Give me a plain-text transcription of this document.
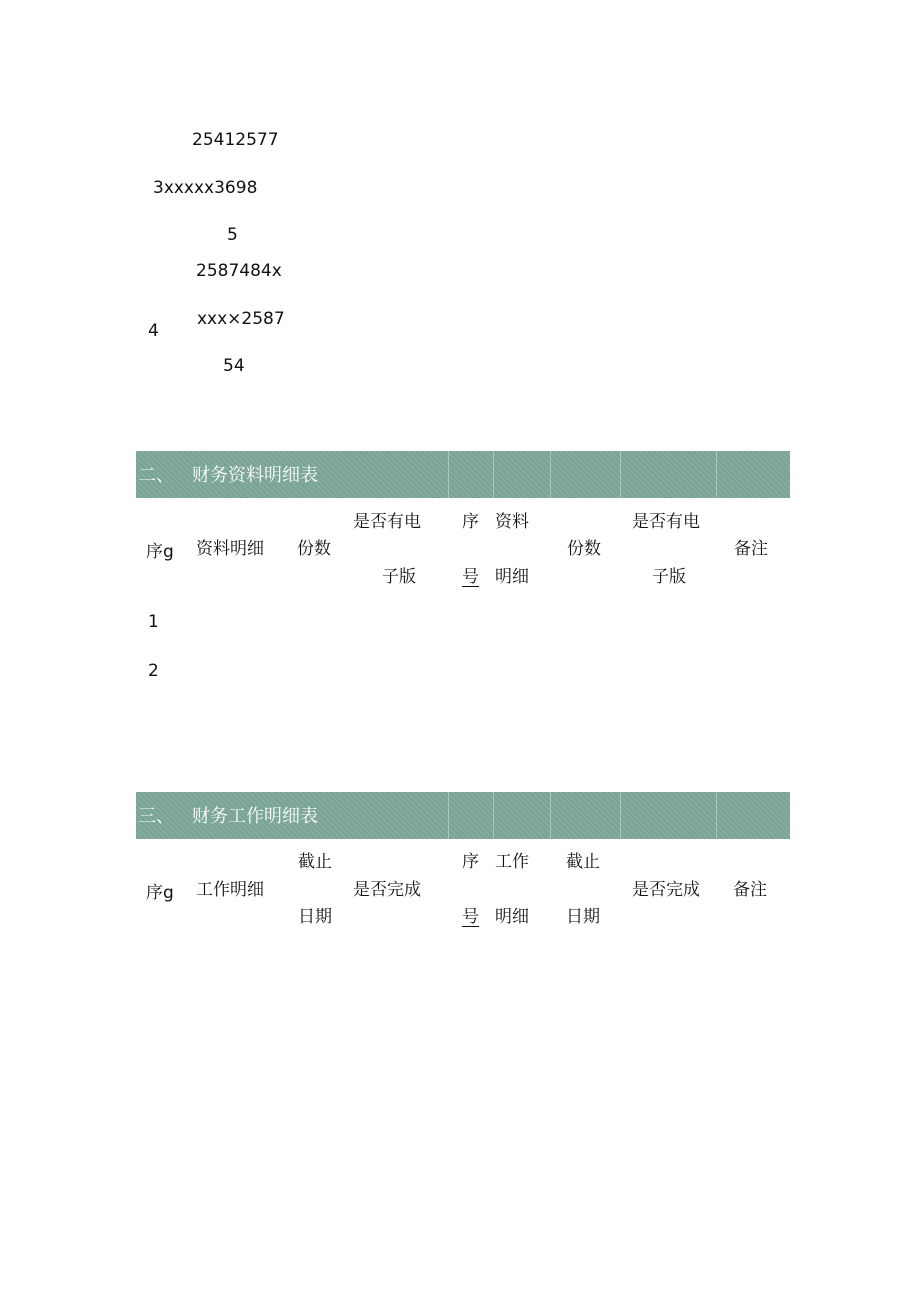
25412577
3xxxxx3698
5
2587484x
4
xxx×2587
54
二、 财务资料明细表
序g 资料明细 份数
是否有电
子版
序
号
资料
明细
份数
是否有电
子版
备注
1
2
三、 财务工作明细表
序g 工作明细
截止
日期
是否完成
序
号
工作
明细
截止
日期
是否完成 备注
